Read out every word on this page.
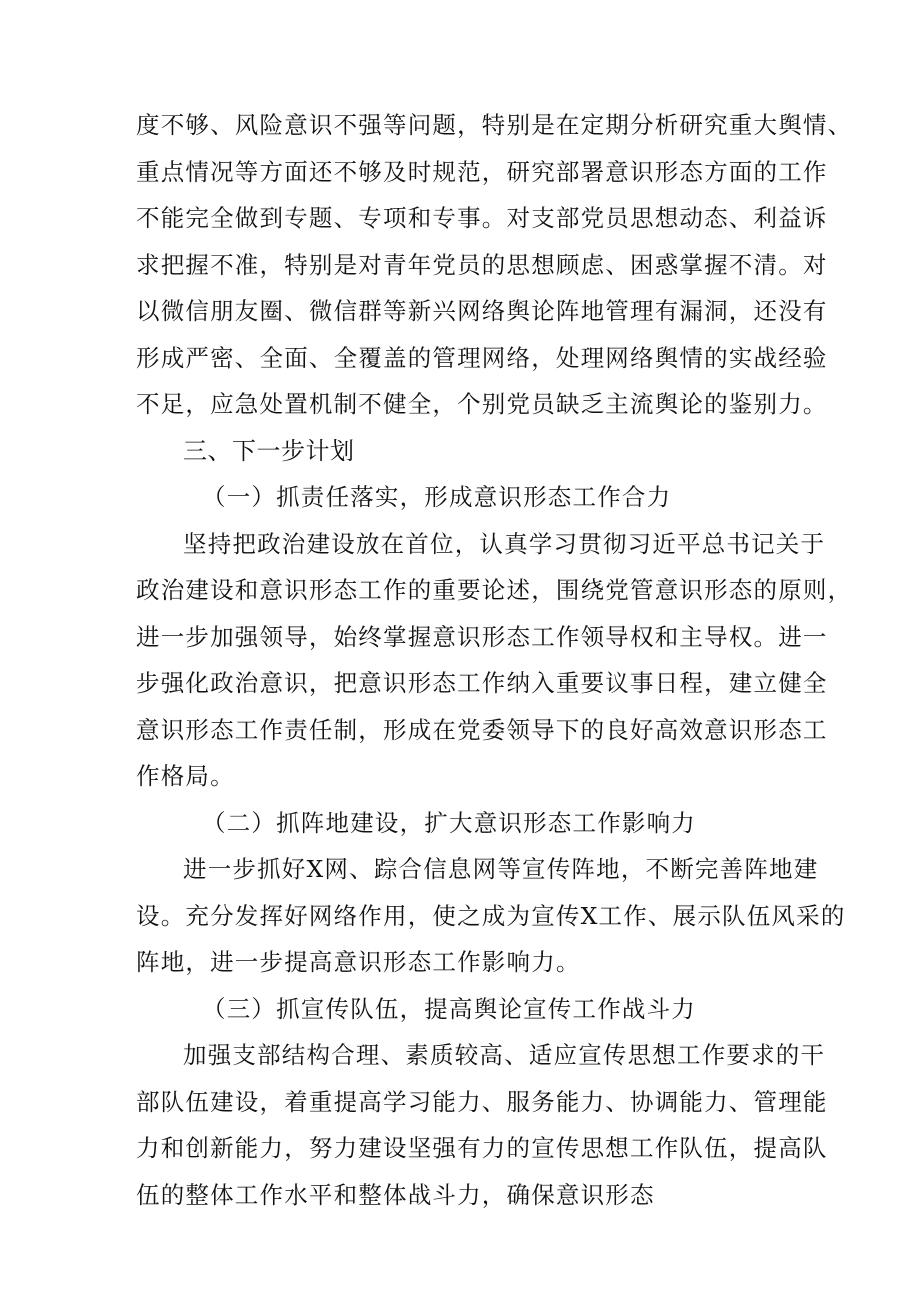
度不够、风险意识不强等问题，特别是在定期分析研究重大舆情、
重点情况等方面还不够及时规范，研究部署意识形态方面的工作
不能完全做到专题、专项和专事。对支部党员思想动态、利益诉
求把握不准，特别是对青年党员的思想顾虑、困惑掌握不清。对
以微信朋友圈、微信群等新兴网络舆论阵地管理有漏洞，还没有
形成严密、全面、全覆盖的管理网络，处理网络舆情的实战经验
不足，应急处置机制不健全，个别党员缺乏主流舆论的鉴别力。
三、下一步计划
（一）抓责任落实，形成意识形态工作合力
坚持把政治建设放在首位，认真学习贯彻习近平总书记关于
政治建设和意识形态工作的重要论述，围绕党管意识形态的原则，
进一步加强领导，始终掌握意识形态工作领导权和主导权。进一
步强化政治意识，把意识形态工作纳入重要议事日程，建立健全
意识形态工作责任制，形成在党委领导下的良好高效意识形态工
作格局。
（二）抓阵地建设，扩大意识形态工作影响力
进一步抓好X网、踪合信息网等宣传阵地，不断完善阵地建
设。充分发挥好网络作用，使之成为宣传X工作、展示队伍风采的
阵地，进一步提高意识形态工作影响力。
（三）抓宣传队伍，提高舆论宣传工作战斗力
加强支部结构合理、素质较高、适应宣传思想工作要求的干
部队伍建设，着重提高学习能力、服务能力、协调能力、管理能
力和创新能力，努力建设坚强有力的宣传思想工作队伍，提高队
伍的整体工作水平和整体战斗力，确保意识形态
